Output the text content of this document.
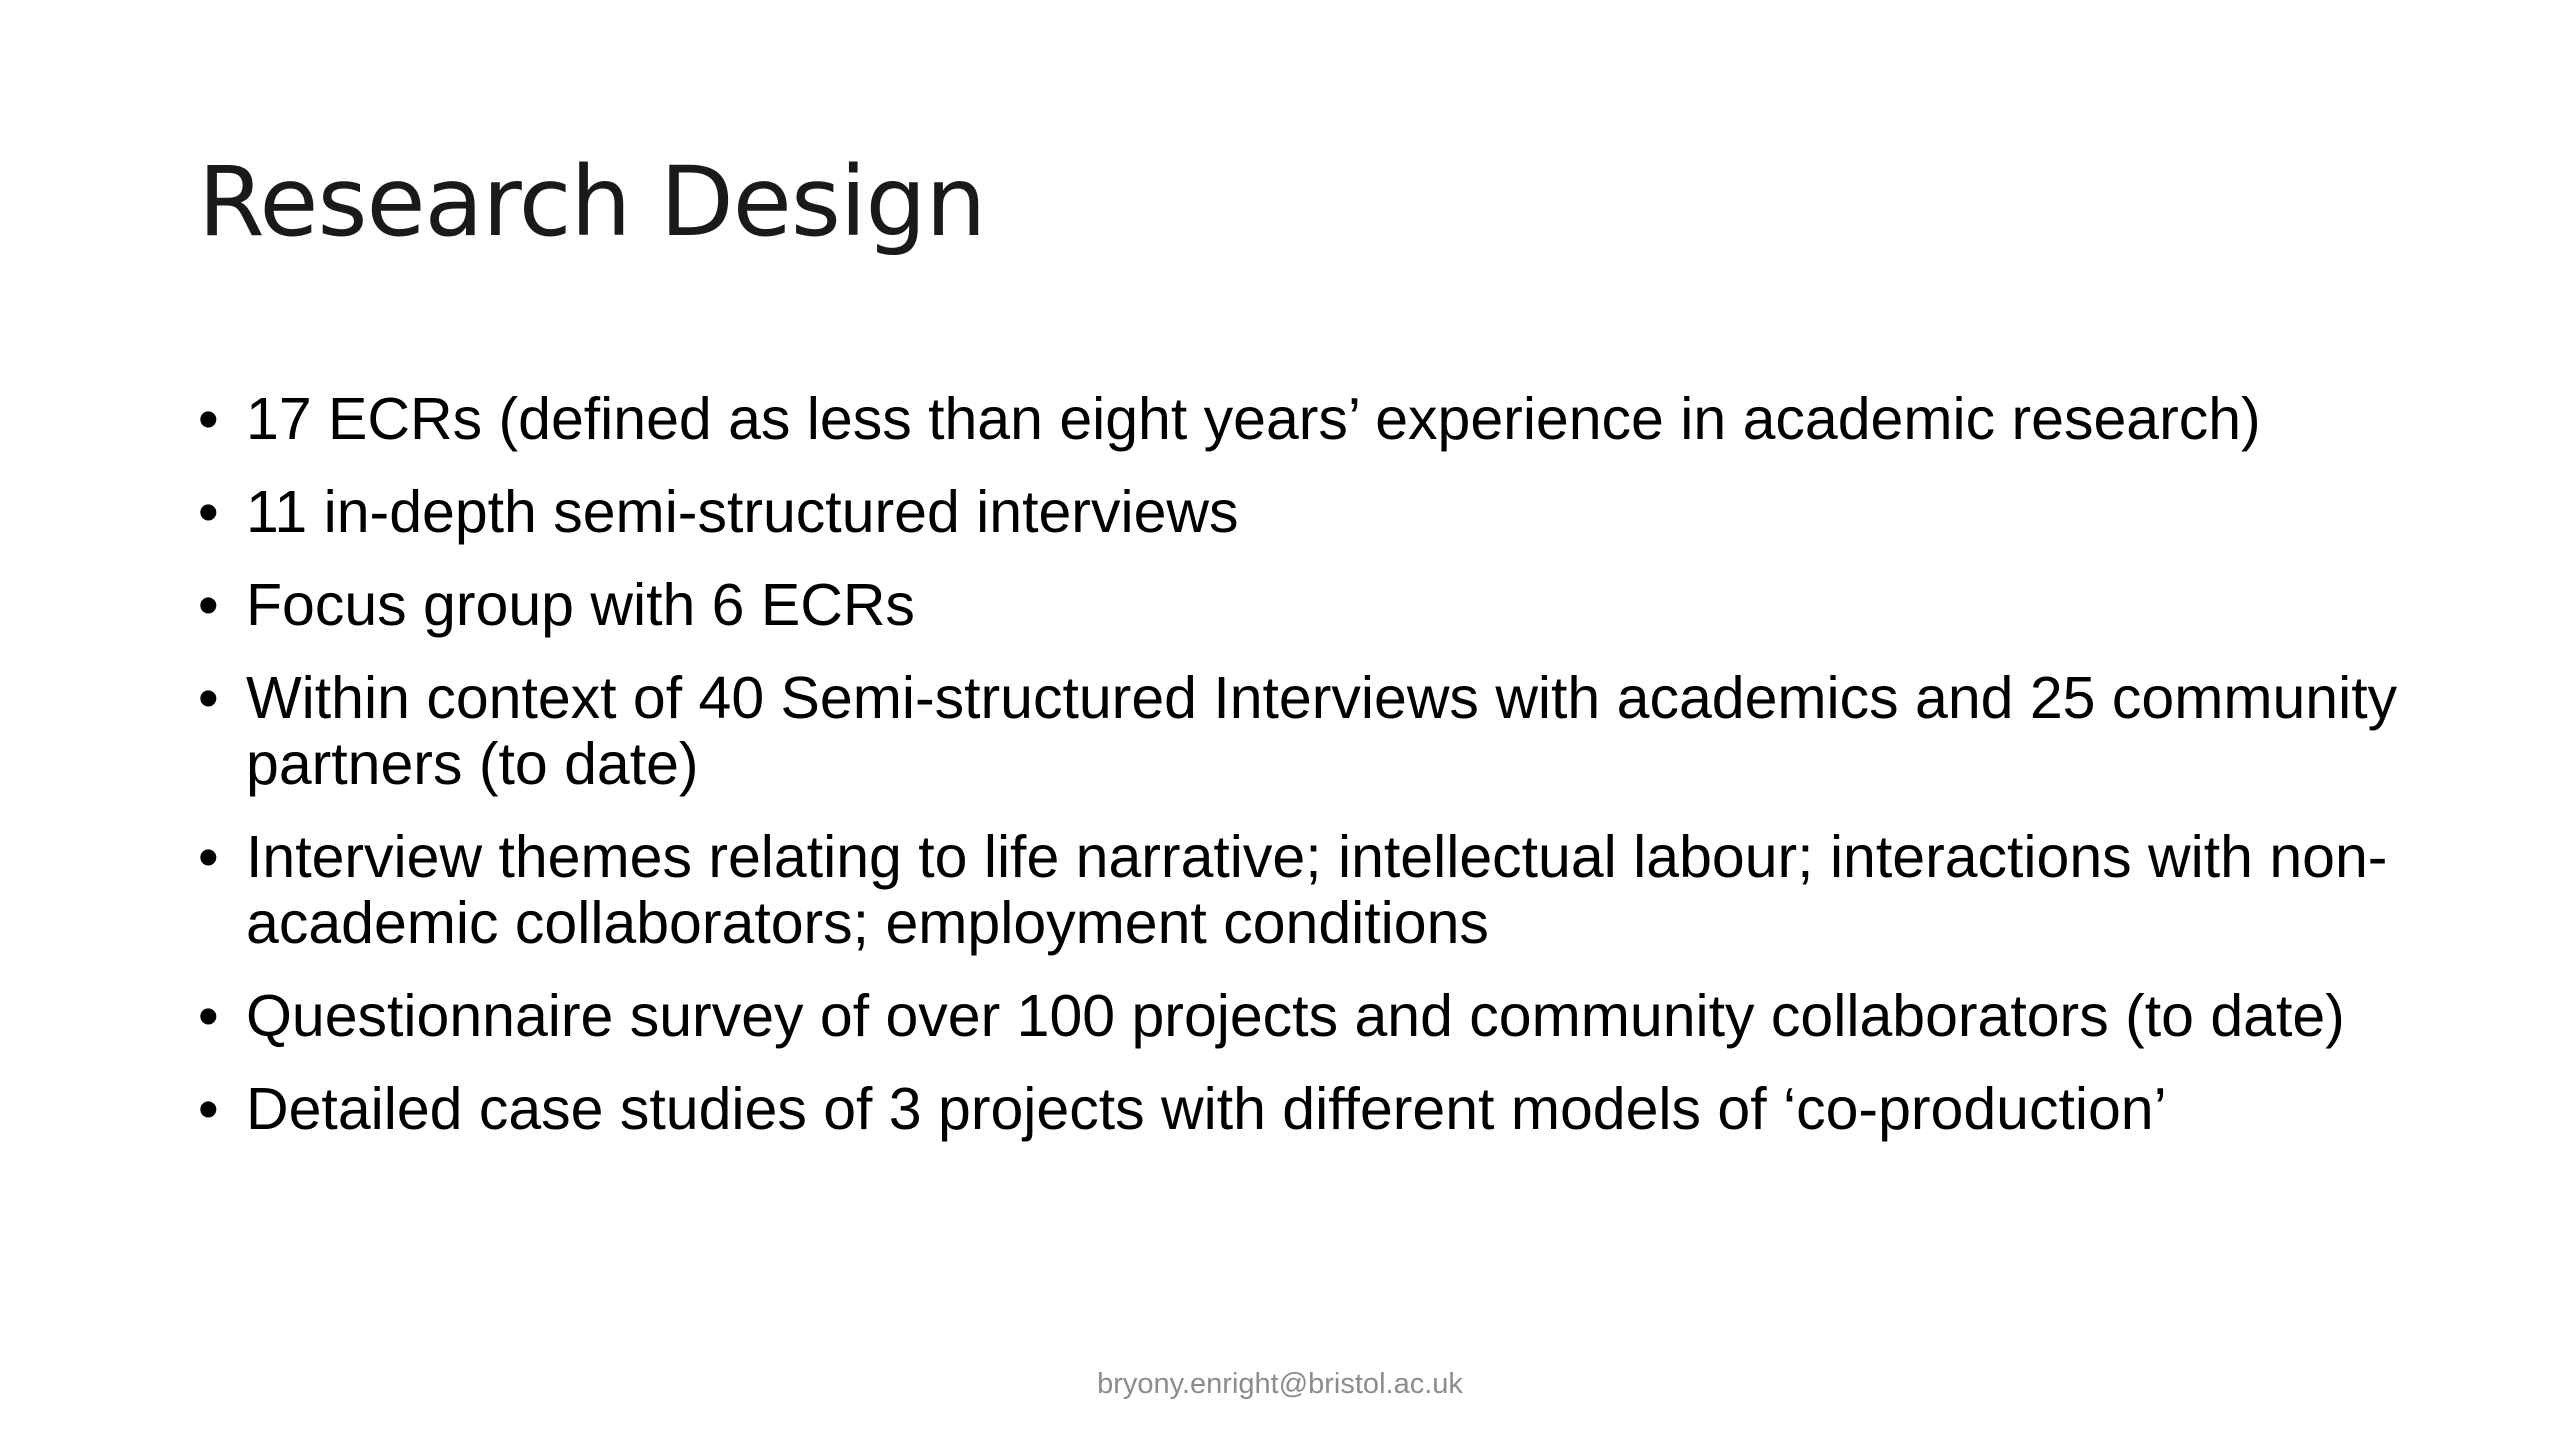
Research Design
• 17 ECRs (defined as less than eight years’ experience in academic research)
• 11 in-depth semi-structured interviews
• Focus group with 6 ECRs
• Within context of 40 Semi-structured Interviews with academics and 25 community partners (to date)
• Interview themes relating to life narrative; intellectual labour; interactions with non-academic collaborators; employment conditions
• Questionnaire survey of over 100 projects and community collaborators (to date)
• Detailed case studies of 3 projects with different models of ‘co-production’
bryony.enright@bristol.ac.uk
